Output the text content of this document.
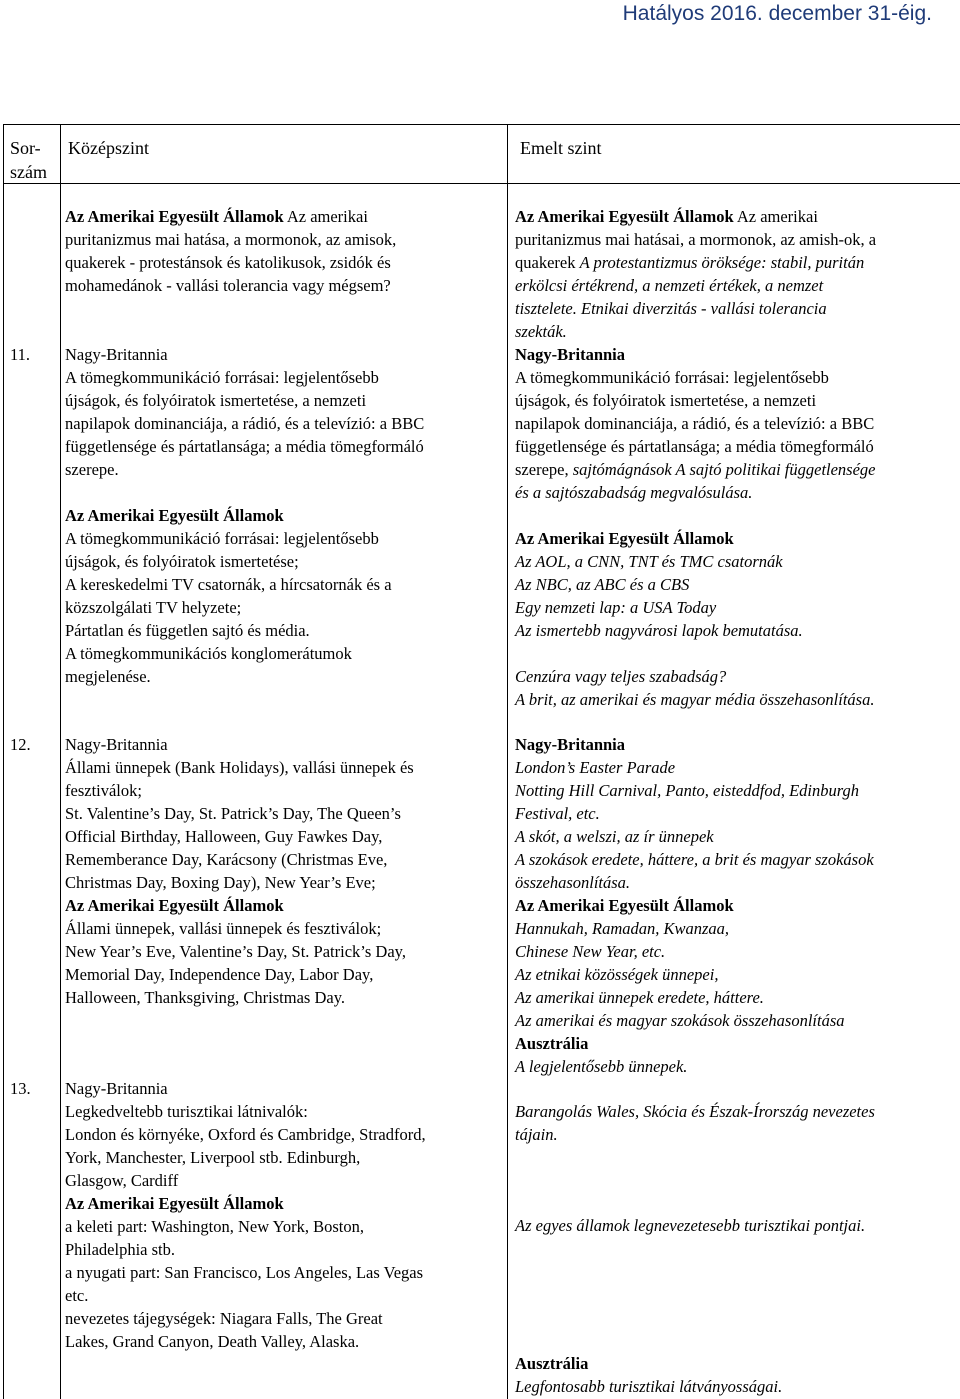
Hatályos 2016. december 31-éig.
Sor-
szám
Középszint	Emelt szint
11.
12.
13.
Az Amerikai Egyesült Államok Az amerikai
puritanizmus mai hatása, a mormonok, az amisok,
quakerek - protestánsok és katolikusok, zsidók és
mohamedánok - vallási tolerancia vagy mégsem?
Az Amerikai Egyesült Államok Az amerikai
puritanizmus mai hatásai, a mormonok, az amish-ok, a
quakerek A protestantizmus öröksége: stabil, puritán
erkölcsi értékrend, a nemzeti értékek, a nemzet
tisztelete. Etnikai diverzitás - vallási tolerancia
szekták.
Nagy-Britannia
A tömegkommunikáció forrásai: legjelentősebb
újságok, és folyóiratok ismertetése, a nemzeti
napilapok dominanciája, a rádió, és a televízió: a BBC
függetlensége és pártatlansága; a média tömegformáló
szerepe.
Az Amerikai Egyesült Államok
A tömegkommunikáció forrásai: legjelentősebb
újságok, és folyóiratok ismertetése;
A kereskedelmi TV csatornák, a hírcsatornák és a
közszolgálati TV helyzete;
Pártatlan és független sajtó és média.
A tömegkommunikációs konglomerátumok
megjelenése.
Nagy-Britannia
A tömegkommunikáció forrásai: legjelentősebb
újságok, és folyóiratok ismertetése, a nemzeti
napilapok dominanciája, a rádió, és a televízió: a BBC
függetlensége és pártatlansága; a média tömegformáló
szerepe, sajtómágnások A sajtó politikai függetlensége
és a sajtószabadság megvalósulása.
Az Amerikai Egyesült Államok
Az AOL, a CNN, TNT és TMC csatornák
Az NBC, az ABC és a CBS
Egy nemzeti lap: a USA Today
Az ismertebb nagyvárosi lapok bemutatása.
Cenzúra vagy teljes szabadság?
A brit, az amerikai és magyar média összehasonlítása.
Nagy-Britannia
Állami ünnepek (Bank Holidays), vallási ünnepek és
fesztiválok;
St. Valentine’s Day, St. Patrick’s Day, The Queen’s
Official Birthday, Halloween, Guy Fawkes Day,
Rememberance Day, Karácsony (Christmas Eve,
Christmas Day, Boxing Day), New Year’s Eve;
Az Amerikai Egyesült Államok
Állami ünnepek, vallási ünnepek és fesztiválok;
New Year’s Eve, Valentine’s Day, St. Patrick’s Day,
Memorial Day, Independence Day, Labor Day,
Halloween, Thanksgiving, Christmas Day.
Nagy-Britannia
London’s Easter Parade
Notting Hill Carnival, Panto, eisteddfod, Edinburgh
Festival, etc.
A skót, a welszi, az ír ünnepek
A szokások eredete, háttere, a brit és magyar szokások
összehasonlítása.
Az Amerikai Egyesült Államok
Hannukah, Ramadan, Kwanzaa,
Chinese New Year, etc.
Az etnikai közösségek ünnepei,
Az amerikai ünnepek eredete, háttere.
Az amerikai és magyar szokások összehasonlítása
Ausztrália
A legjelentősebb ünnepek.
Nagy-Britannia
Legkedveltebb turisztikai látnivalók:
London és környéke, Oxford és Cambridge, Stradford,
York, Manchester, Liverpool stb. Edinburgh,
Glasgow, Cardiff
Az Amerikai Egyesült Államok
a keleti part: Washington, New York, Boston,
Philadelphia stb.
a nyugati part: San Francisco, Los Angeles, Las Vegas
etc.
nevezetes tájegységek: Niagara Falls, The Great
Lakes, Grand Canyon, Death Valley, Alaska.
Barangolás Wales, Skócia és Észak-Írország nevezetes
tájain.
Az egyes államok legnevezetesebb turisztikai pontjai.
Ausztrália
Legfontosabb turisztikai látványosságai.
